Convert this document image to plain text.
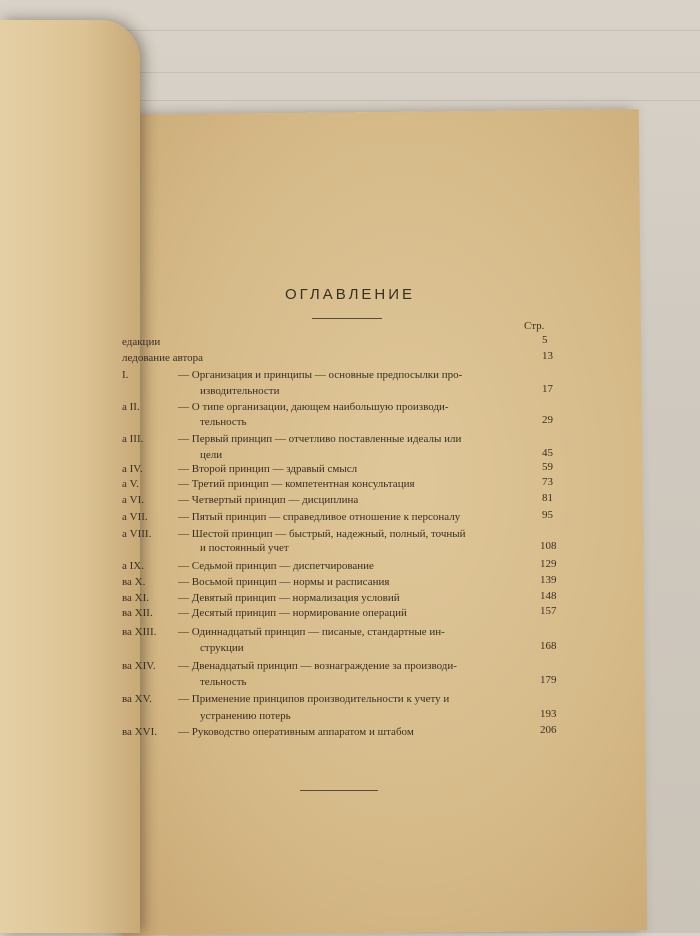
ОГЛАВЛЕНИЕ
Стр.
едакции	5
ледование автора	13
I.	— Организация и принципы — основные предпосылки про-
изводительности	17
а II.	— О типе организации, дающем наибольшую производи-
тельность	29
а III.	— Первый принцип — отчетливо поставленные идеалы или
цели	45
а IV.	— Второй принцип — здравый смысл	59
а V.	— Третий принцип — компетентная консультация	73
а VI.	— Четвертый принцип — дисциплина	81
а VII.	— Пятый принцип — справедливое отношение к персоналу	95
а VIII. — Шестой принцип — быстрый, надежный, полный, точный
и постоянный учет	108
а IX.	— Седьмой принцип — диспетчирование	129
ва X.	— Восьмой принцип — нормы и расписания	139
ва XI.	— Девятый принцип — нормализация условий	148
ва XII. — Десятый принцип — нормирование операций	157
ва XIII. — Одиннадцатый принцип — писаные, стандартные ин-
струкции	168
ва XIV. — Двенадцатый принцип — вознаграждение за производи-
тельность	179
ва XV. — Применение принципов производительности к учету и
устранению потерь	193
ва XVI. — Руководство оперативным аппаратом и штабом	206
